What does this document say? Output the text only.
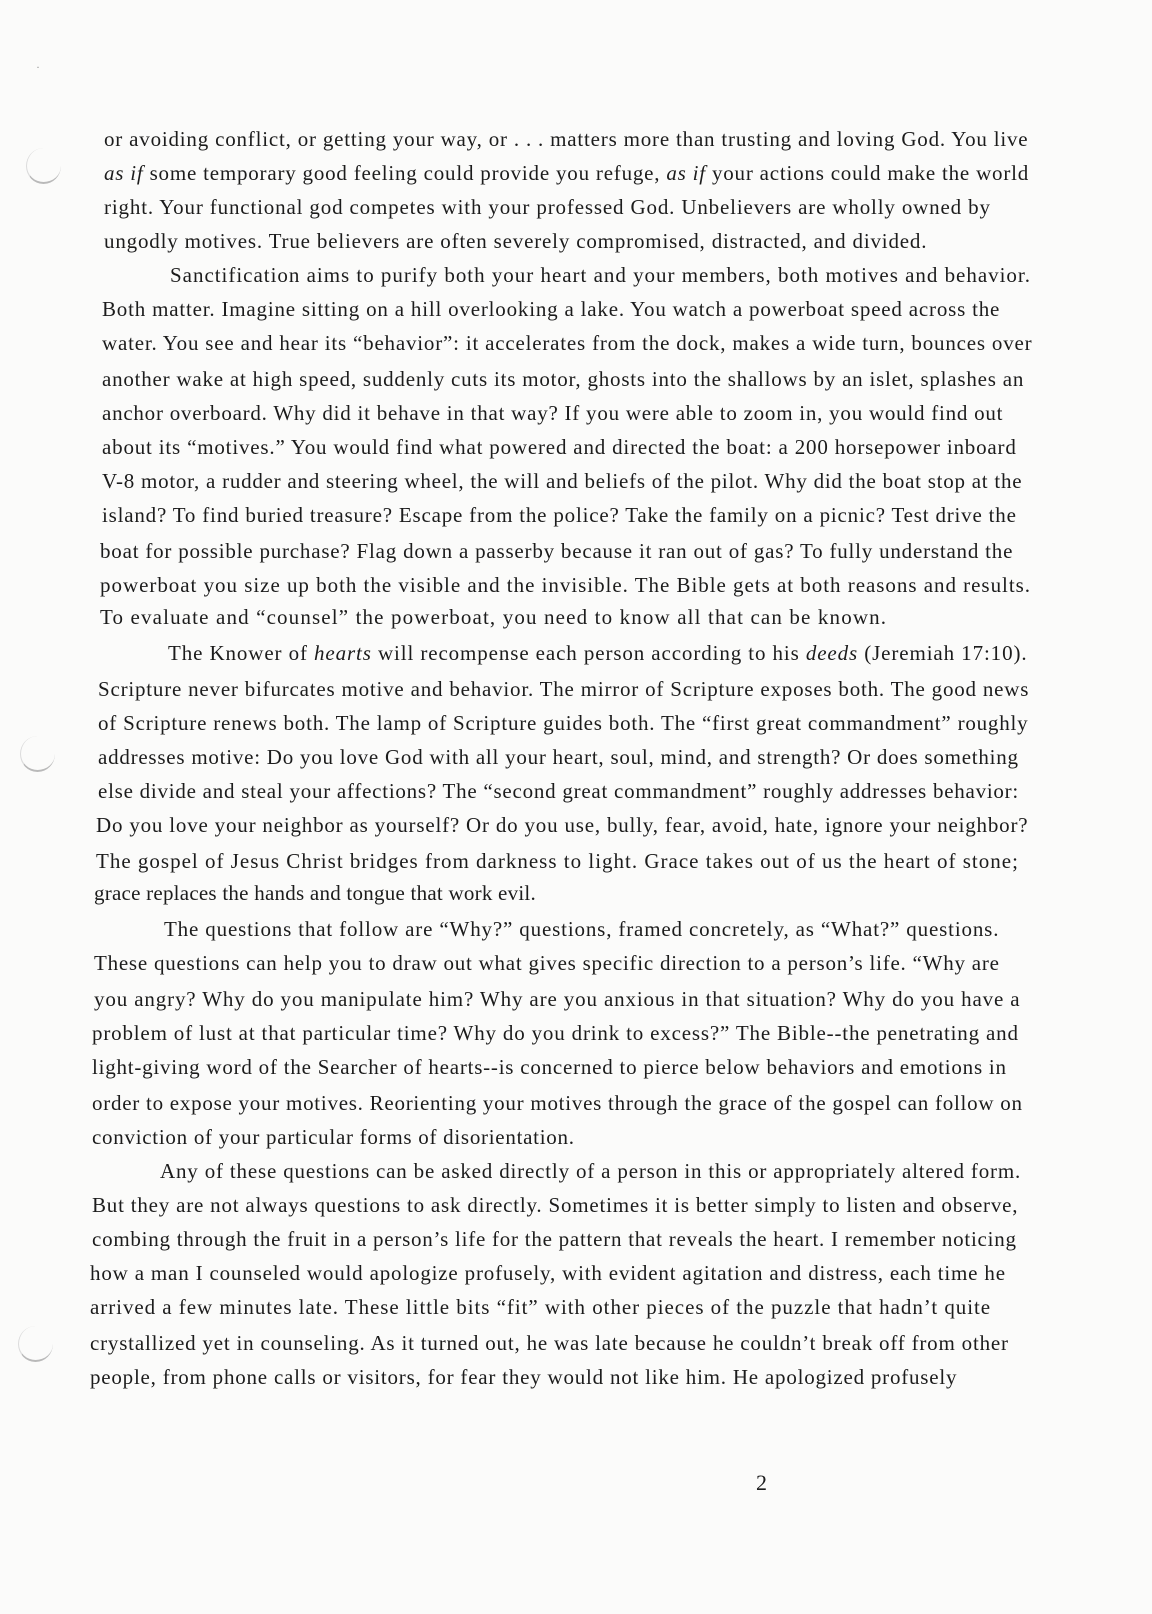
·
or avoiding conflict, or getting your way, or . . . matters more than trusting and loving God. You live
as if some temporary good feeling could provide you refuge, as if your actions could make the world
right. Your functional god competes with your professed God. Unbelievers are wholly owned by
ungodly motives. True believers are often severely compromised, distracted, and divided.
Sanctification aims to purify both your heart and your members, both motives and behavior.
Both matter. Imagine sitting on a hill overlooking a lake. You watch a powerboat speed across the
water. You see and hear its “behavior”: it accelerates from the dock, makes a wide turn, bounces over
another wake at high speed, suddenly cuts its motor, ghosts into the shallows by an islet, splashes an
anchor overboard. Why did it behave in that way? If you were able to zoom in, you would find out
about its “motives.” You would find what powered and directed the boat: a 200 horsepower inboard
V-8 motor, a rudder and steering wheel, the will and beliefs of the pilot. Why did the boat stop at the
island? To find buried treasure? Escape from the police? Take the family on a picnic? Test drive the
boat for possible purchase? Flag down a passerby because it ran out of gas? To fully understand the
powerboat you size up both the visible and the invisible. The Bible gets at both reasons and results.
To evaluate and “counsel” the powerboat, you need to know all that can be known.
The Knower of hearts will recompense each person according to his deeds (Jeremiah 17:10).
Scripture never bifurcates motive and behavior. The mirror of Scripture exposes both. The good news
of Scripture renews both. The lamp of Scripture guides both. The “first great commandment” roughly
addresses motive: Do you love God with all your heart, soul, mind, and strength? Or does something
else divide and steal your affections? The “second great commandment” roughly addresses behavior:
Do you love your neighbor as yourself? Or do you use, bully, fear, avoid, hate, ignore your neighbor?
The gospel of Jesus Christ bridges from darkness to light. Grace takes out of us the heart of stone;
grace replaces the hands and tongue that work evil.
The questions that follow are “Why?” questions, framed concretely, as “What?” questions.
These questions can help you to draw out what gives specific direction to a person’s life. “Why are
you angry? Why do you manipulate him? Why are you anxious in that situation? Why do you have a
problem of lust at that particular time? Why do you drink to excess?” The Bible--the penetrating and
light-giving word of the Searcher of hearts--is concerned to pierce below behaviors and emotions in
order to expose your motives. Reorienting your motives through the grace of the gospel can follow on
conviction of your particular forms of disorientation.
Any of these questions can be asked directly of a person in this or appropriately altered form.
But they are not always questions to ask directly. Sometimes it is better simply to listen and observe,
combing through the fruit in a person’s life for the pattern that reveals the heart. I remember noticing
how a man I counseled would apologize profusely, with evident agitation and distress, each time he
arrived a few minutes late. These little bits “fit” with other pieces of the puzzle that hadn’t quite
crystallized yet in counseling. As it turned out, he was late because he couldn’t break off from other
people, from phone calls or visitors, for fear they would not like him. He apologized profusely
2
